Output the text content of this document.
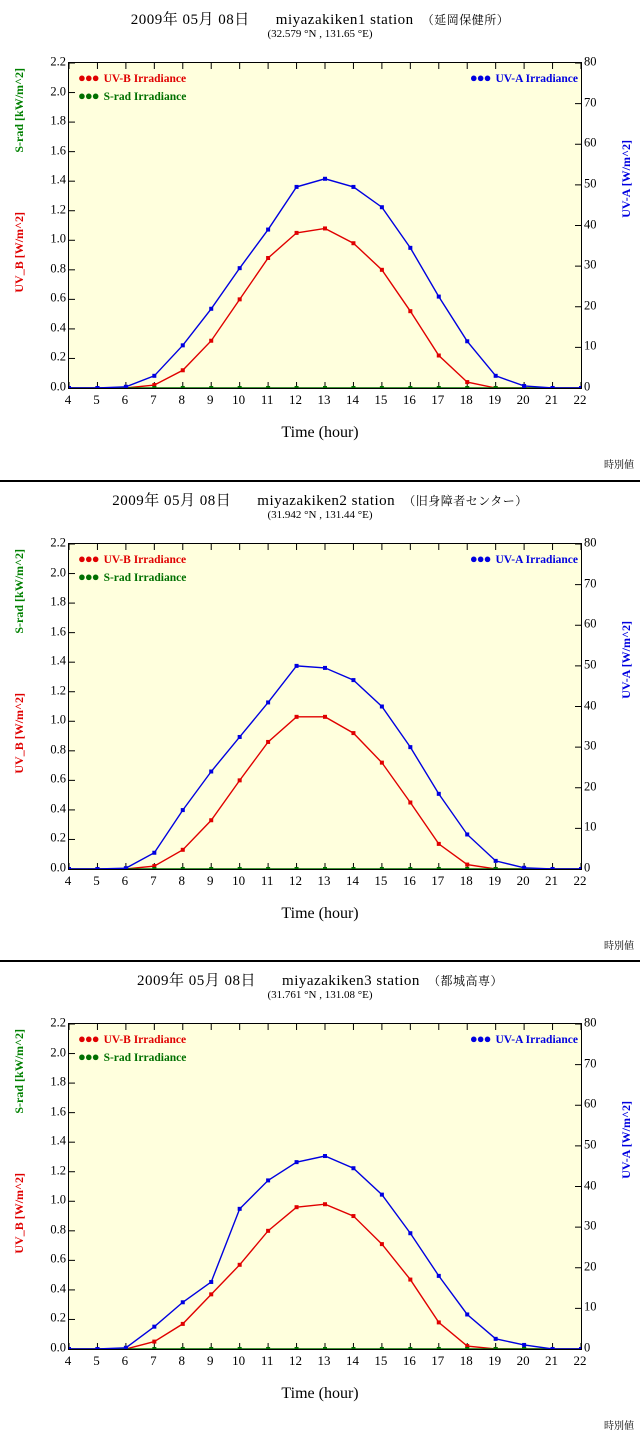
2009年 05月 08日 miyazakiken1 station （延岡保健所）
(32.579 °N , 131.65 °E)
UV_B [W/m^2]
S-rad [kW/m^2]
UV-A [W/m^2]
●●● UV-B Irradiance
●●● S-rad Irradiance
●●● UV-A Irradiance
4 5 6 7 8 9 10 11 12 13 14 15 16 17 18 19 20 21 22
0.0
0.2
0.4
0.6
0.8
1.0
1.2
1.4
1.6
1.8
2.0
2.2
0
10
20
30
40
50
60
70
80
Time (hour)
時別値
2009年 05月 08日 miyazakiken2 station （旧身障者センター）
(31.942 °N , 131.44 °E)
UV_B [W/m^2]
S-rad [kW/m^2]
UV-A [W/m^2]
●●● UV-B Irradiance
●●● S-rad Irradiance
●●● UV-A Irradiance
4 5 6 7 8 9 10 11 12 13 14 15 16 17 18 19 20 21 22
0.0
0.2
0.4
0.6
0.8
1.0
1.2
1.4
1.6
1.8
2.0
2.2
0
10
20
30
40
50
60
70
80
Time (hour)
時別値
2009年 05月 08日 miyazakiken3 station （都城高専）
(31.761 °N , 131.08 °E)
UV_B [W/m^2]
S-rad [kW/m^2]
UV-A [W/m^2]
●●● UV-B Irradiance
●●● S-rad Irradiance
●●● UV-A Irradiance
4 5 6 7 8 9 10 11 12 13 14 15 16 17 18 19 20 21 22
0.0
0.2
0.4
0.6
0.8
1.0
1.2
1.4
1.6
1.8
2.0
2.2
0
10
20
30
40
50
60
70
80
Time (hour)
時別値
